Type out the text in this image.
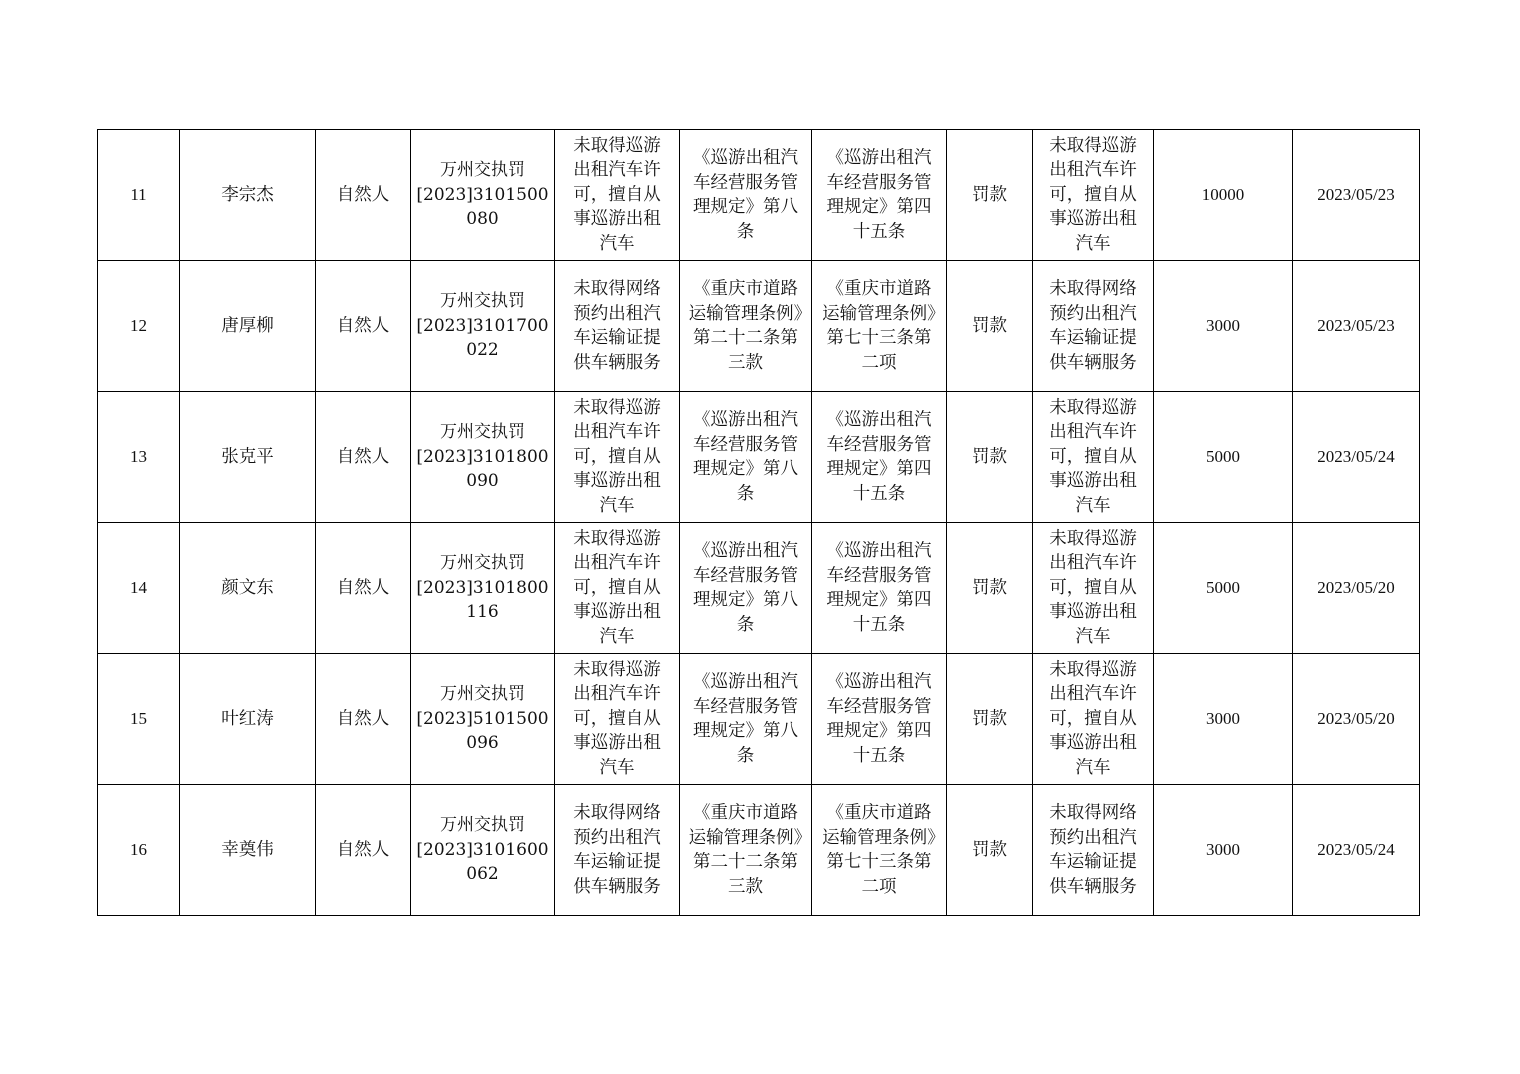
11	李宗杰	自然人	万州交执罚
[2023]3101500
080	未取得巡游出租汽车许可，擅自从事巡游出租汽车	《巡游出租汽车经营服务管理规定》第八条	《巡游出租汽车经营服务管理规定》第四十五条	罚款	未取得巡游出租汽车许可，擅自从事巡游出租汽车	10000	2023/05/23
12	唐厚柳	自然人	万州交执罚
[2023]3101700
022	未取得网络预约出租汽车运输证提供车辆服务	《重庆市道路运输管理条例》第二十二条第三款	《重庆市道路运输管理条例》第七十三条第二项	罚款	未取得网络预约出租汽车运输证提供车辆服务	3000	2023/05/23
13	张克平	自然人	万州交执罚
[2023]3101800
090	未取得巡游出租汽车许可，擅自从事巡游出租汽车	《巡游出租汽车经营服务管理规定》第八条	《巡游出租汽车经营服务管理规定》第四十五条	罚款	未取得巡游出租汽车许可，擅自从事巡游出租汽车	5000	2023/05/24
14	颜文东	自然人	万州交执罚
[2023]3101800
116	未取得巡游出租汽车许可，擅自从事巡游出租汽车	《巡游出租汽车经营服务管理规定》第八条	《巡游出租汽车经营服务管理规定》第四十五条	罚款	未取得巡游出租汽车许可，擅自从事巡游出租汽车	5000	2023/05/20
15	叶红涛	自然人	万州交执罚
[2023]5101500
096	未取得巡游出租汽车许可，擅自从事巡游出租汽车	《巡游出租汽车经营服务管理规定》第八条	《巡游出租汽车经营服务管理规定》第四十五条	罚款	未取得巡游出租汽车许可，擅自从事巡游出租汽车	3000	2023/05/20
16	幸奠伟	自然人	万州交执罚
[2023]3101600
062	未取得网络预约出租汽车运输证提供车辆服务	《重庆市道路运输管理条例》第二十二条第三款	《重庆市道路运输管理条例》第七十三条第二项	罚款	未取得网络预约出租汽车运输证提供车辆服务	3000	2023/05/24
